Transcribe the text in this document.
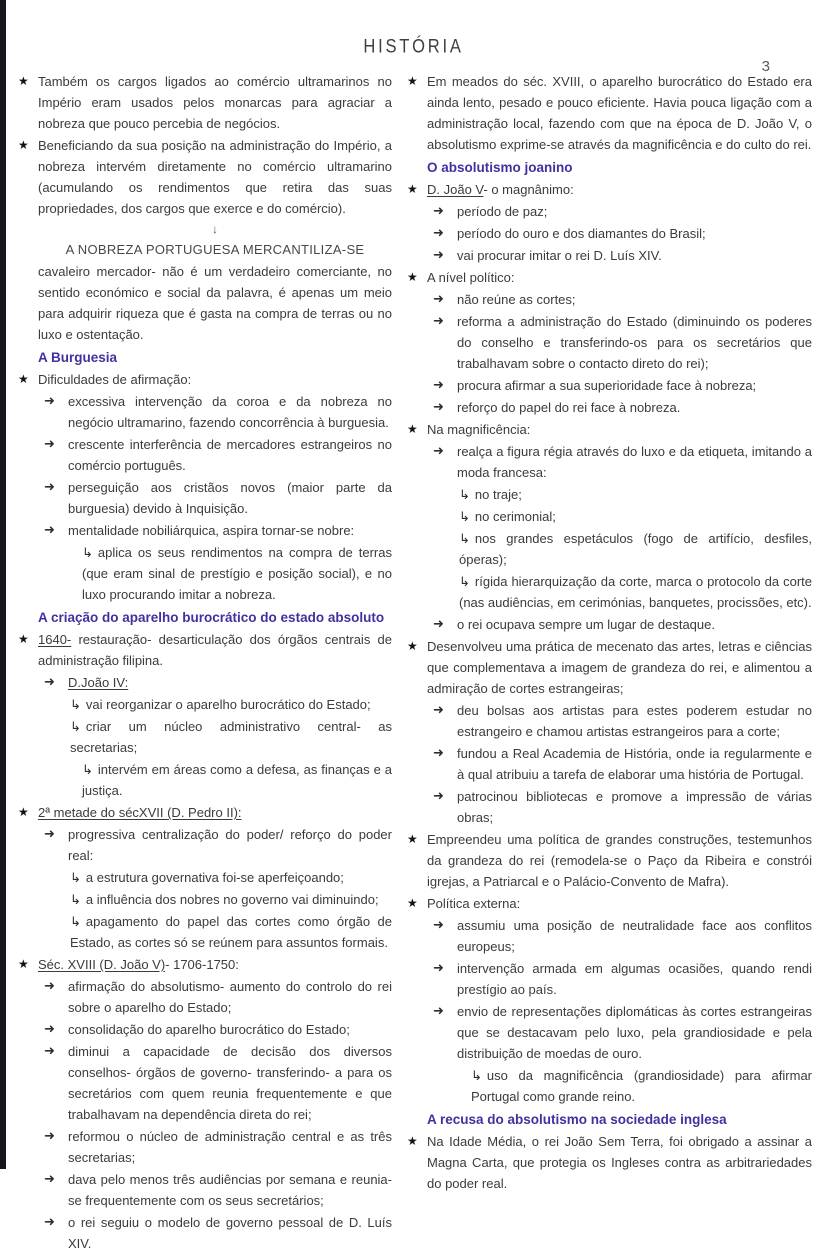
HISTÓRIA
3
★ Também os cargos ligados ao comércio ultramarinos no Império eram usados pelos monarcas para agraciar a nobreza que pouco percebia de negócios.
★ Beneficiando da sua posição na administração do Império, a nobreza intervém diretamente no comércio ultramarino (acumulando os rendimentos que retira das suas propriedades, dos cargos que exerce e do comércio).
↓
A NOBREZA PORTUGUESA MERCANTILIZA-SE
cavaleiro mercador- não é um verdadeiro comerciante, no sentido económico e social da palavra, é apenas um meio para adquirir riqueza que é gasta na compra de terras ou no luxo e ostentação.
A Burguesia
★ Dificuldades de afirmação:
➜ excessiva intervenção da coroa e da nobreza no negócio ultramarino, fazendo concorrência à burguesia.
➜ crescente interferência de mercadores estrangeiros no comércio português.
➜ perseguição aos cristãos novos (maior parte da burguesia) devido à Inquisição.
➜ mentalidade nobiliárquica, aspira tornar-se nobre:
↳ aplica os seus rendimentos na compra de terras (que eram sinal de prestígio e posição social), e no luxo procurando imitar a nobreza.
A criação do aparelho burocrático do estado absoluto
★ 1640- restauração- desarticulação dos órgãos centrais de administração filipina.
➜ D.João IV:
↳ vai reorganizar o aparelho burocrático do Estado;
↳ criar um núcleo administrativo central- as secretarias;
↳ intervém em áreas como a defesa, as finanças e a justiça.
★ 2ª metade do sécXVII (D. Pedro II):
➜ progressiva centralização do poder/ reforço do poder real:
↳ a estrutura governativa foi-se aperfeiçoando;
↳ a influência dos nobres no governo vai diminuindo;
↳ apagamento do papel das cortes como órgão de Estado, as cortes só se reúnem para assuntos formais.
★ Séc. XVIII (D. João V)- 1706-1750:
➜ afirmação do absolutismo- aumento do controlo do rei sobre o aparelho do Estado;
➜ consolidação do aparelho burocrático do Estado;
➜ diminui a capacidade de decisão dos diversos conselhos- órgãos de governo- transferindo- a para os secretários com quem reunia frequentemente e que trabalhavam na dependência direta do rei;
➜ reformou o núcleo de administração central e as três secretarias;
➜ dava pelo menos três audiências por semana e reunia-se frequentemente com os seus secretários;
➜ o rei seguiu o modelo de governo pessoal de D. Luís XIV.
★ Em meados do séc. XVIII, o aparelho burocrático do Estado era ainda lento, pesado e pouco eficiente. Havia pouca ligação com a administração local, fazendo com que na época de D. João V, o absolutismo exprime-se através da magnificência e do culto do rei.
O absolutismo joanino
★ D. João V- o magnânimo:
➜ período de paz;
➜ período do ouro e dos diamantes do Brasil;
➜ vai procurar imitar o rei D. Luís XIV.
★ A nível político:
➜ não reúne as cortes;
➜ reforma a administração do Estado (diminuindo os poderes do conselho e transferindo-os para os secretários que trabalhavam sobre o contacto direto do rei);
➜ procura afirmar a sua superioridade face à nobreza;
➜ reforço do papel do rei face à nobreza.
★ Na magnificência:
➜ realça a figura régia através do luxo e da etiqueta, imitando a moda francesa:
↳ no traje;
↳ no cerimonial;
↳ nos grandes espetáculos (fogo de artifício, desfiles, óperas);
↳ rígida hierarquização da corte, marca o protocolo da corte (nas audiências, em cerimónias, banquetes, procissões, etc).
➜ o rei ocupava sempre um lugar de destaque.
★ Desenvolveu uma prática de mecenato das artes, letras e ciências que complementava a imagem de grandeza do rei, e alimentou a admiração de cortes estrangeiras;
➜ deu bolsas aos artistas para estes poderem estudar no estrangeiro e chamou artistas estrangeiros para a corte;
➜ fundou a Real Academia de História, onde ia regularmente e à qual atribuiu a tarefa de elaborar uma história de Portugal.
➜ patrocinou bibliotecas e promove a impressão de várias obras;
★ Empreendeu uma política de grandes construções, testemunhos da grandeza do rei (remodela-se o Paço da Ribeira e constrói igrejas, a Patriarcal e o Palácio-Convento de Mafra).
★ Política externa:
➜ assumiu uma posição de neutralidade face aos conflitos europeus;
➜ intervenção armada em algumas ocasiões, quando rendi prestígio ao país.
➜ envio de representações diplomáticas às cortes estrangeiras que se destacavam pelo luxo, pela grandiosidade e pela distribuição de moedas de ouro.
↳ uso da magnificência (grandiosidade) para afirmar Portugal como grande reino.
A recusa do absolutismo na sociedade inglesa
★ Na Idade Média, o rei João Sem Terra, foi obrigado a assinar a Magna Carta, que protegia os Ingleses contra as arbitrariedades do poder real.
